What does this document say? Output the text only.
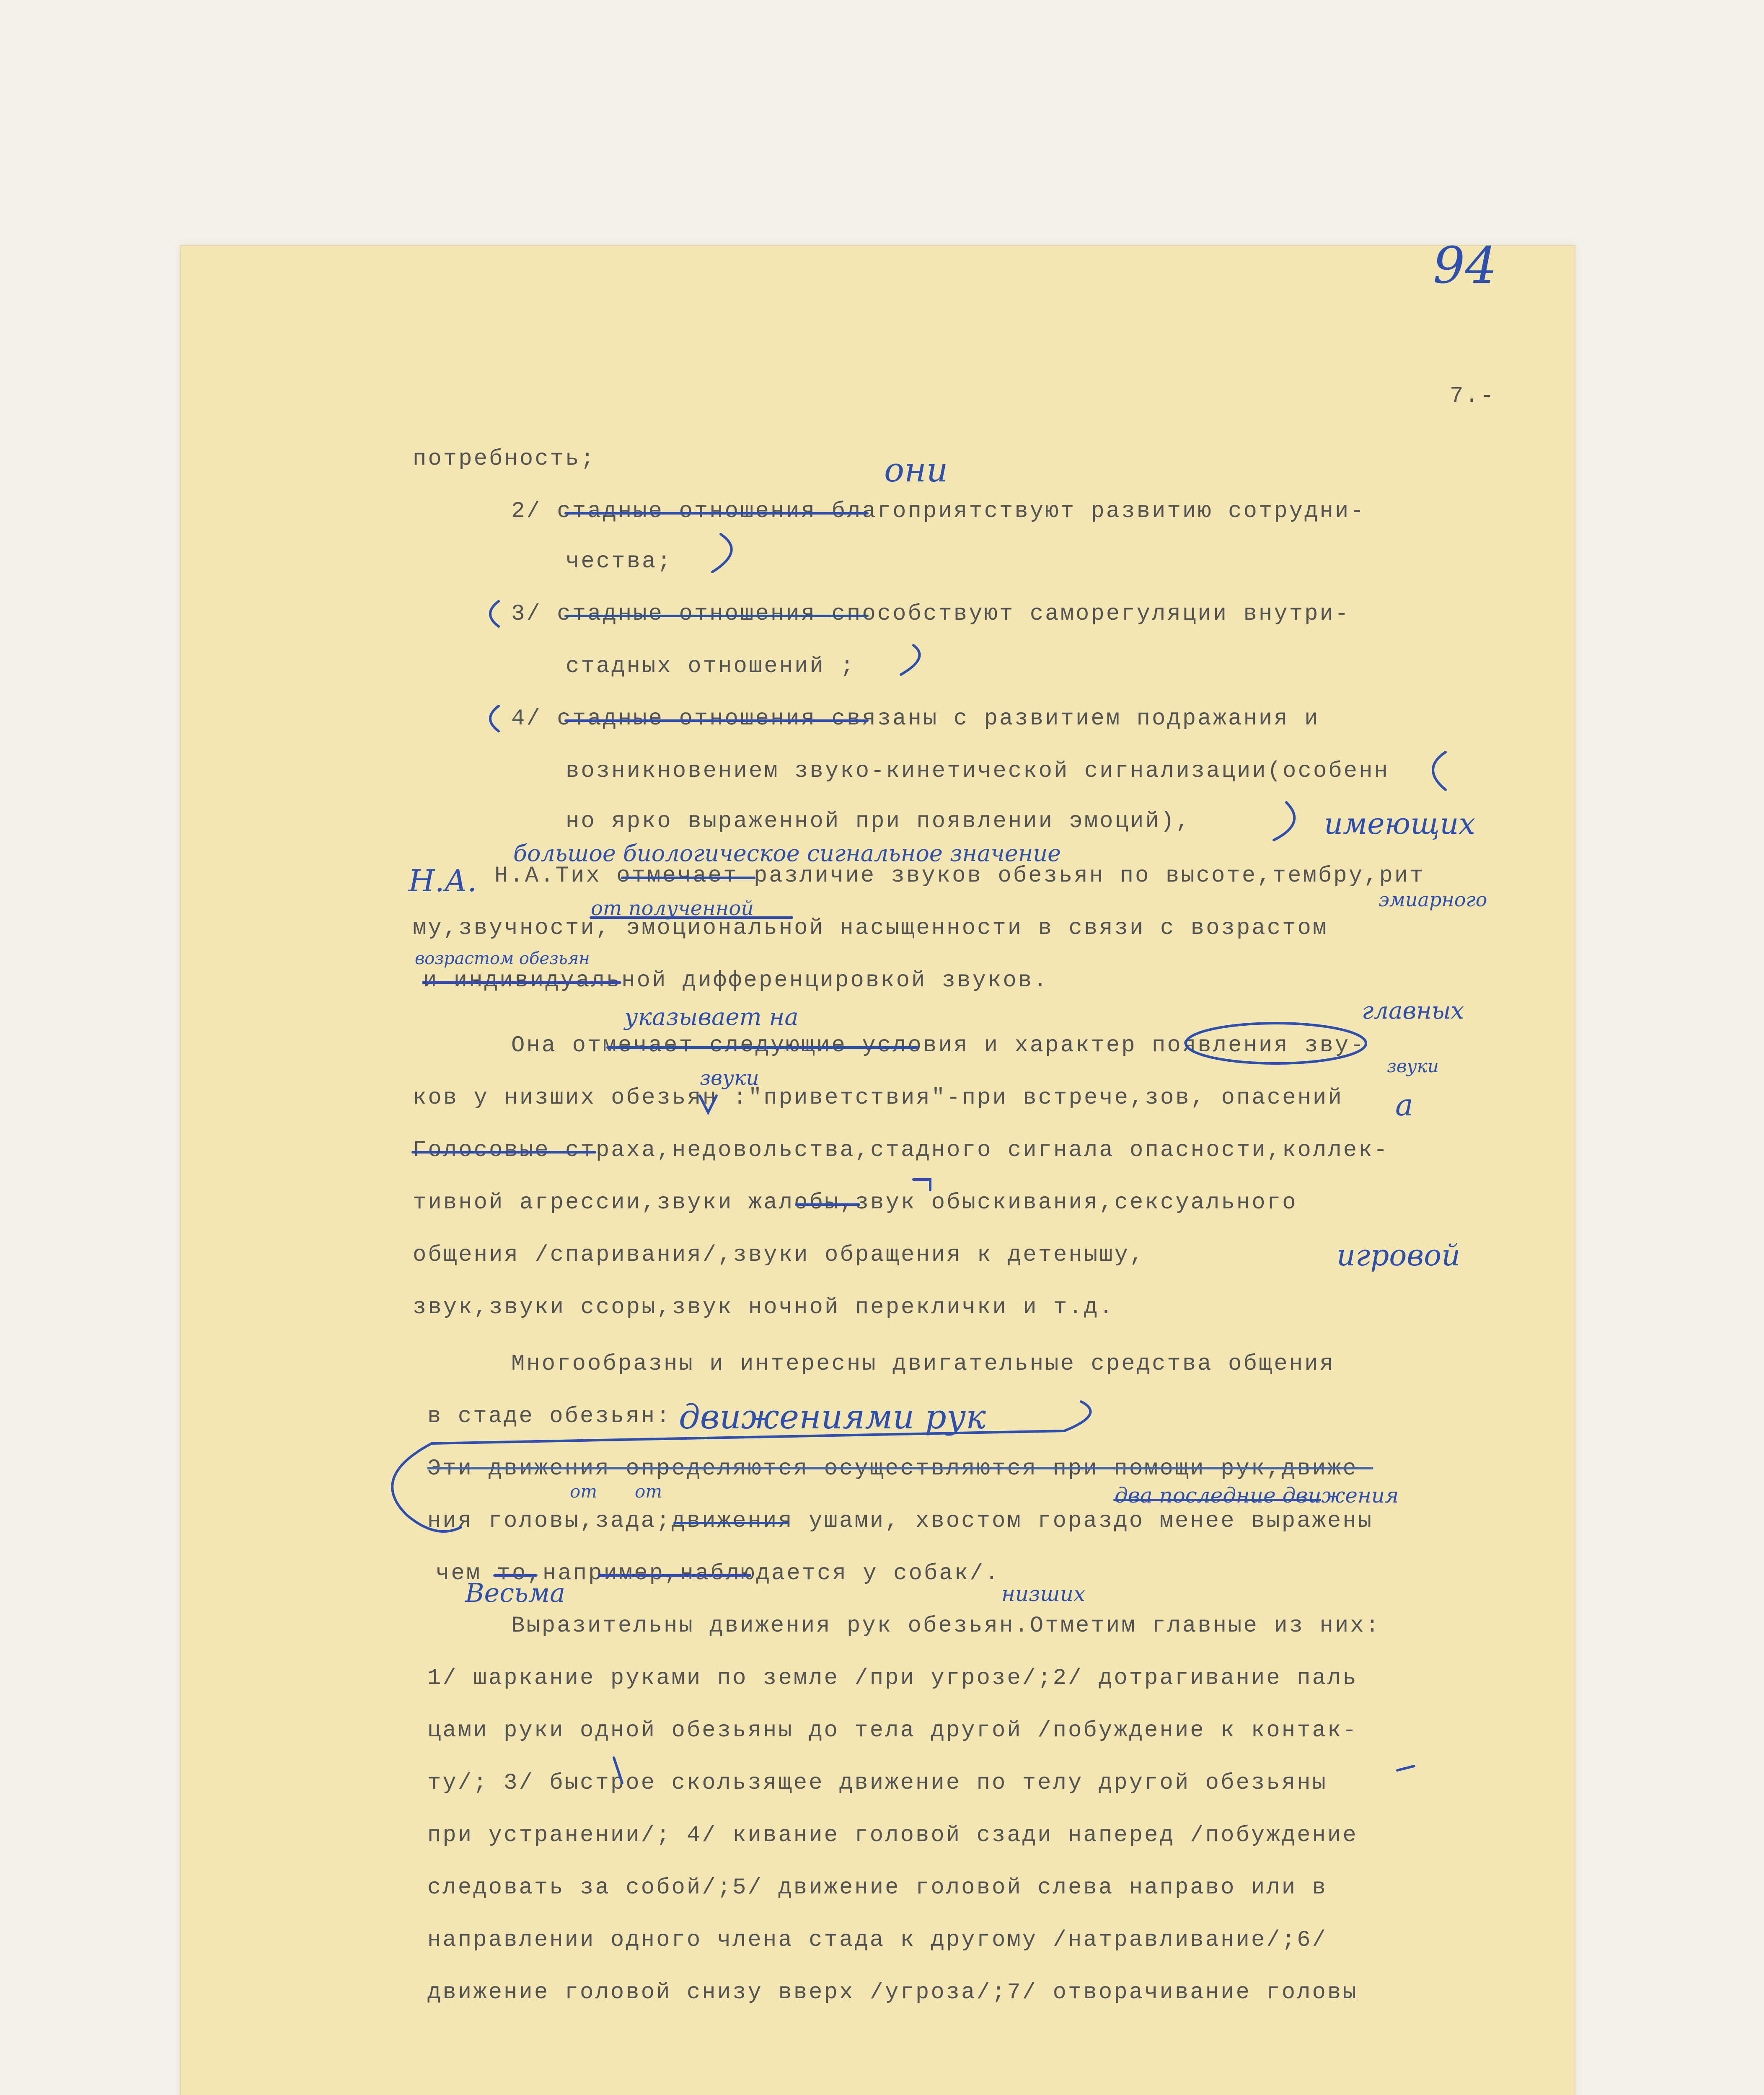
94
7.-
потребность;
2/ стадные отношения благоприятствуют развитию сотрудни-
чества;
3/ стадные отношения способствуют саморегуляции внутри-
стадных отношений ;
4/ стадные отношения связаны с развитием подражания и
возникновением звуко-кинетической сигнализации(особенн
но ярко выраженной при появлении эмоций),
Н.А.Тих отмечает различие звуков обезьян по высоте,тембру,рит
му,звучности, эмоциональной насыщенности в связи с возрастом
и индивидуальной дифференцировкой звуков.
Она отмечает следующие условия и характер появления зву-
ков у низших обезьян :"приветствия"-при встрече,зов, опасений
Голосовые страха,недовольства,стадного сигнала опасности,коллек-
тивной агрессии,звуки жалобы,звук обыскивания,сексуального
общения /спаривания/,звуки обращения к детенышу,
звук,звуки ссоры,звук ночной переклички и т.д.
Многообразны и интересны двигательные средства общения
в стаде обезьян:
Эти движения определяются осуществляются при помощи рук,движе-
ния головы,зада;движения ушами, хвостом гораздо менее выражены
чем то,например,наблюдается у собак/.
Выразительны движения рук обезьян.Отметим главные из них:
1/ шаркание руками по земле /при угрозе/;2/ дотрагивание паль
цами руки одной обезьяны до тела другой /побуждение к контак-
ту/; 3/ быстрое скользящее движение по телу другой обезьяны
при устранении/; 4/ кивание головой сзади наперед /побуждение
следовать за собой/;5/ движение головой слева направо или в
направлении одного члена стада к другому /натравливание/;6/
движение головой снизу вверх /угроза/;7/ отворачивание головы
они
имеющих
большое биологическое сигнальное значение
Н.А.
от полученной	эмиарного
возрастом обезьян
указывает на	главных
звуки
звуки
а
игровой
движениями рук
два последние движения
от от
Весьма	низших
